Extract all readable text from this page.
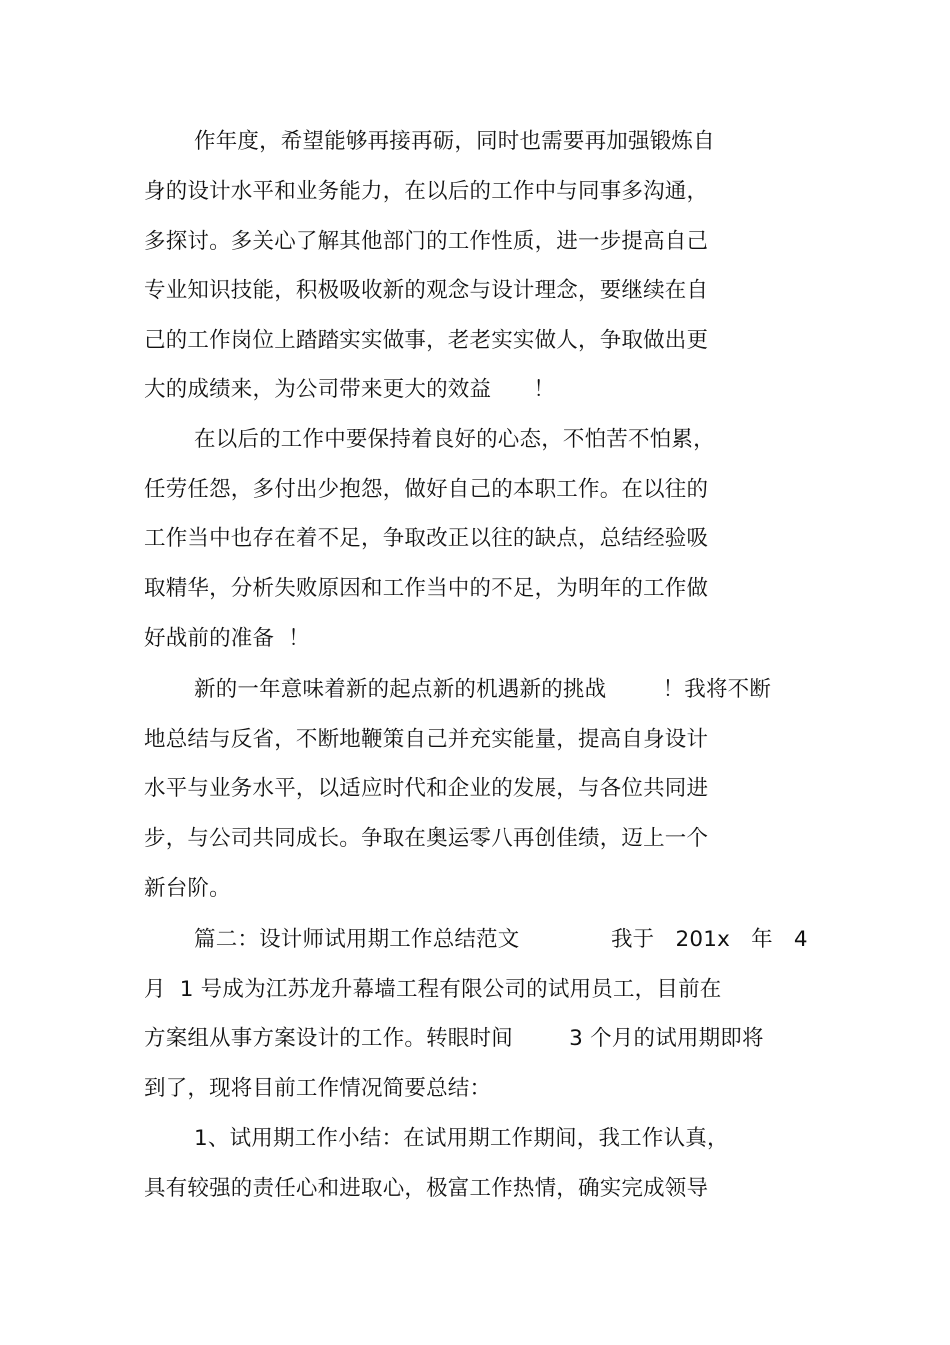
作年度，希望能够再接再砺，同时也需要再加强锻炼自
身的设计水平和业务能力，在以后的工作中与同事多沟通，
多探讨。多关心了解其他部门的工作性质，进一步提高自己
专业知识技能，积极吸收新的观念与设计理念，要继续在自
己的工作岗位上踏踏实实做事，老老实实做人，争取做出更
大的成绩来，为公司带来更大的效益      ！
在以后的工作中要保持着良好的心态，不怕苦不怕累，
任劳任怨，多付出少抱怨，做好自己的本职工作。在以往的
工作当中也存在着不足，争取改正以往的缺点，总结经验吸
取精华，分析失败原因和工作当中的不足，为明年的工作做
好战前的准备  ！
新的一年意味着新的起点新的机遇新的挑战        ！我将不断
地总结与反省，不断地鞭策自己并充实能量，提高自身设计
水平与业务水平，以适应时代和企业的发展，与各位共同进
步，与公司共同成长。争取在奥运零八再创佳绩，迈上一个
新台阶。
篇二：设计师试用期工作总结范文             我于   201x   年   4
月  1 号成为江苏龙升幕墙工程有限公司的试用员工，目前在
方案组从事方案设计的工作。转眼时间        3 个月的试用期即将
到了，现将目前工作情况简要总结：
1、试用期工作小结：在试用期工作期间，我工作认真，
具有较强的责任心和进取心，极富工作热情，确实完成领导
